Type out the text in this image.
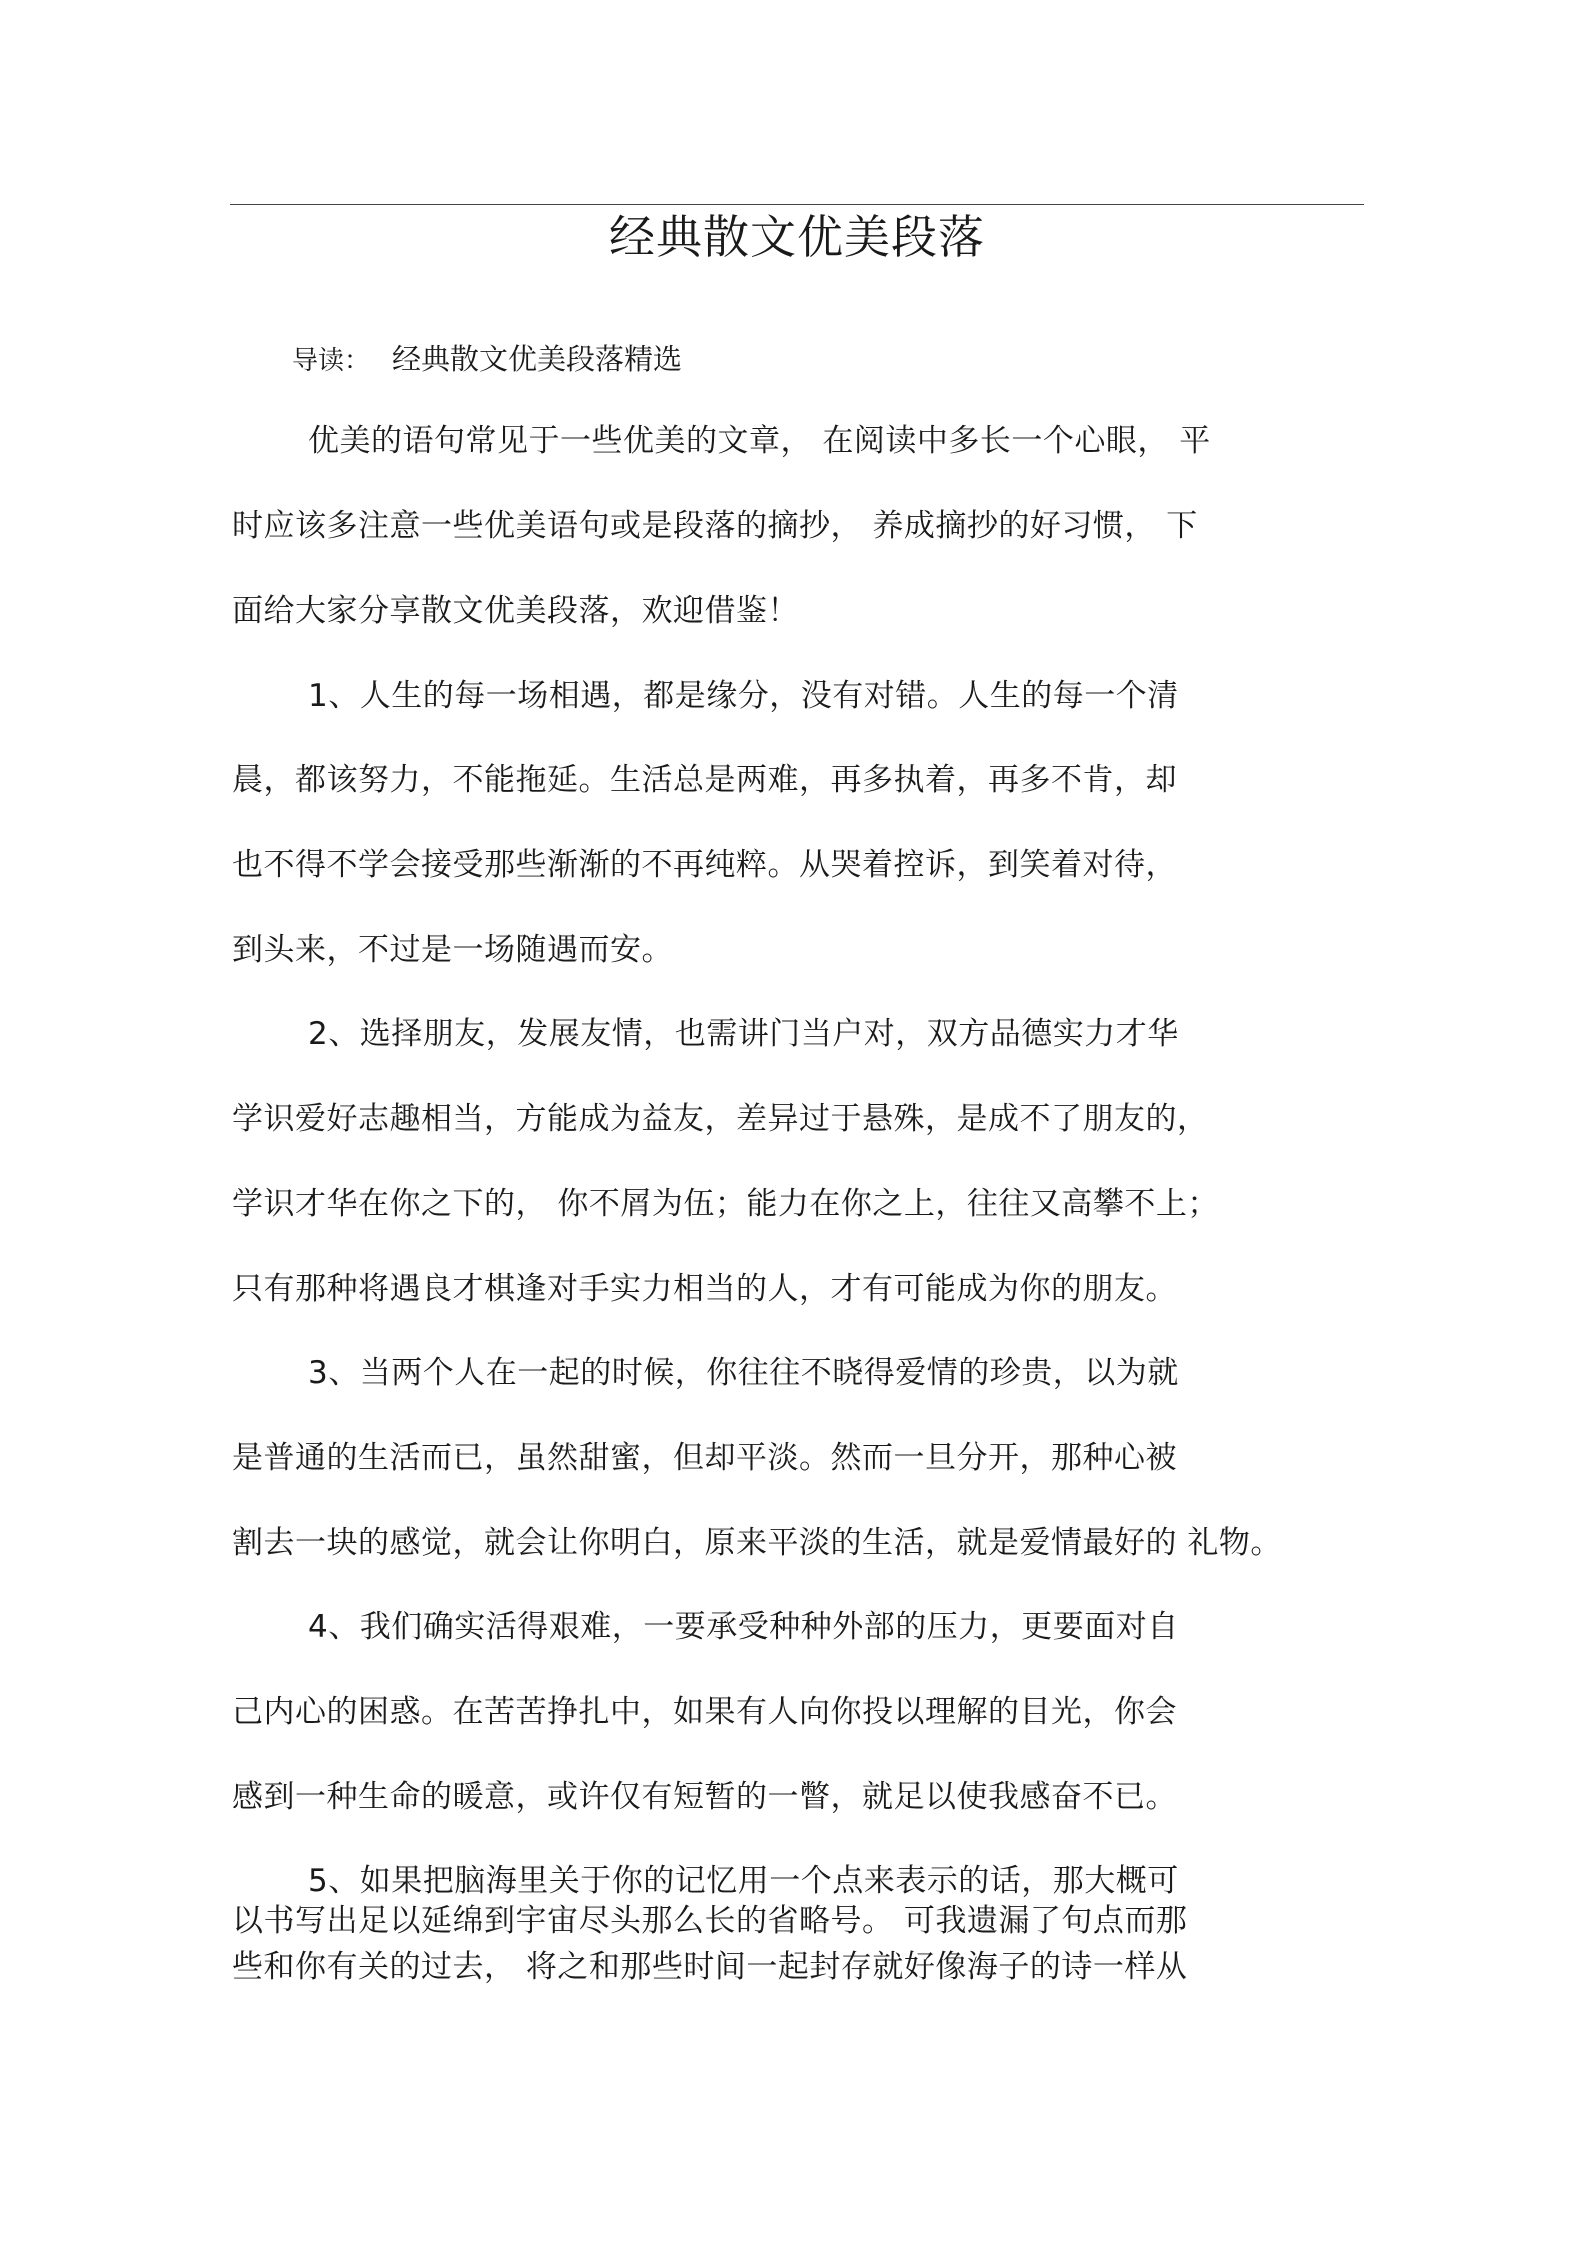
经典散文优美段落
导读： 经典散文优美段落精选
优美的语句常见于一些优美的文章， 在阅读中多长一个心眼， 平
时应该多注意一些优美语句或是段落的摘抄， 养成摘抄的好习惯， 下
面给大家分享散文优美段落，欢迎借鉴！
1、人生的每一场相遇，都是缘分，没有对错。人生的每一个清
晨，都该努力，不能拖延。生活总是两难，再多执着，再多不肯，却
也不得不学会接受那些渐渐的不再纯粹。从哭着控诉，到笑着对待，
到头来，不过是一场随遇而安。
2、选择朋友，发展友情，也需讲门当户对，双方品德实力才华
学识爱好志趣相当，方能成为益友，差异过于悬殊，是成不了朋友的，
学识才华在你之下的， 你不屑为伍；能力在你之上，往往又高攀不上；
只有那种将遇良才棋逢对手实力相当的人，才有可能成为你的朋友。
3、当两个人在一起的时候，你往往不晓得爱情的珍贵，以为就
是普通的生活而已，虽然甜蜜，但却平淡。然而一旦分开，那种心被
割去一块的感觉，就会让你明白，原来平淡的生活，就是爱情最好的 礼物。
4、我们确实活得艰难，一要承受种种外部的压力，更要面对自
己内心的困惑。在苦苦挣扎中，如果有人向你投以理解的目光，你会
感到一种生命的暖意，或许仅有短暂的一瞥，就足以使我感奋不已。
5、如果把脑海里关于你的记忆用一个点来表示的话，那大概可
以书写出足以延绵到宇宙尽头那么长的省略号。 可我遗漏了句点而那
些和你有关的过去， 将之和那些时间一起封存就好像海子的诗一样从
